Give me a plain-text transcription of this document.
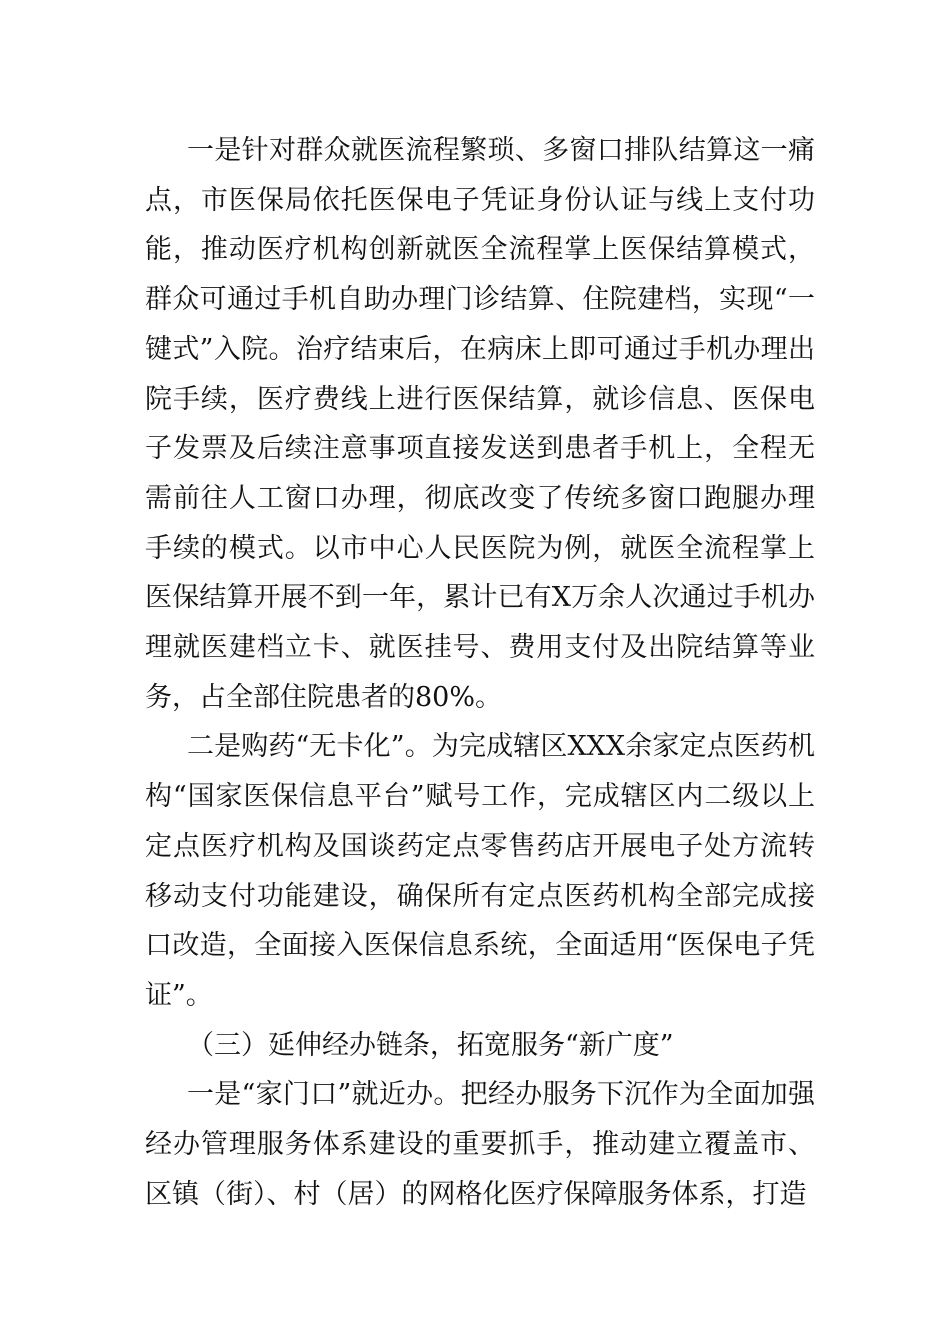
一是针对群众就医流程繁琐、多窗口排队结算这一痛点，市医保局依托医保电子凭证身份认证与线上支付功能，推动医疗机构创新就医全流程掌上医保结算模式，群众可通过手机自助办理门诊结算、住院建档，实现“一键式”入院。治疗结束后，在病床上即可通过手机办理出院手续，医疗费线上进行医保结算，就诊信息、医保电子发票及后续注意事项直接发送到患者手机上，全程无需前往人工窗口办理，彻底改变了传统多窗口跑腿办理手续的模式。以市中心人民医院为例，就医全流程掌上医保结算开展不到一年，累计已有X万余人次通过手机办理就医建档立卡、就医挂号、费用支付及出院结算等业务，占全部住院患者的80%。

二是购药“无卡化”。为完成辖区XXX余家定点医药机构“国家医保信息平台”赋号工作，完成辖区内二级以上定点医疗机构及国谈药定点零售药店开展电子处方流转移动支付功能建设，确保所有定点医药机构全部完成接口改造，全面接入医保信息系统，全面适用“医保电子凭证”。

（三）延伸经办链条，拓宽服务“新广度”

一是“家门口”就近办。把经办服务下沉作为全面加强经办管理服务体系建设的重要抓手，推动建立覆盖市、区镇（街）、村（居）的网格化医疗保障服务体系，打造
